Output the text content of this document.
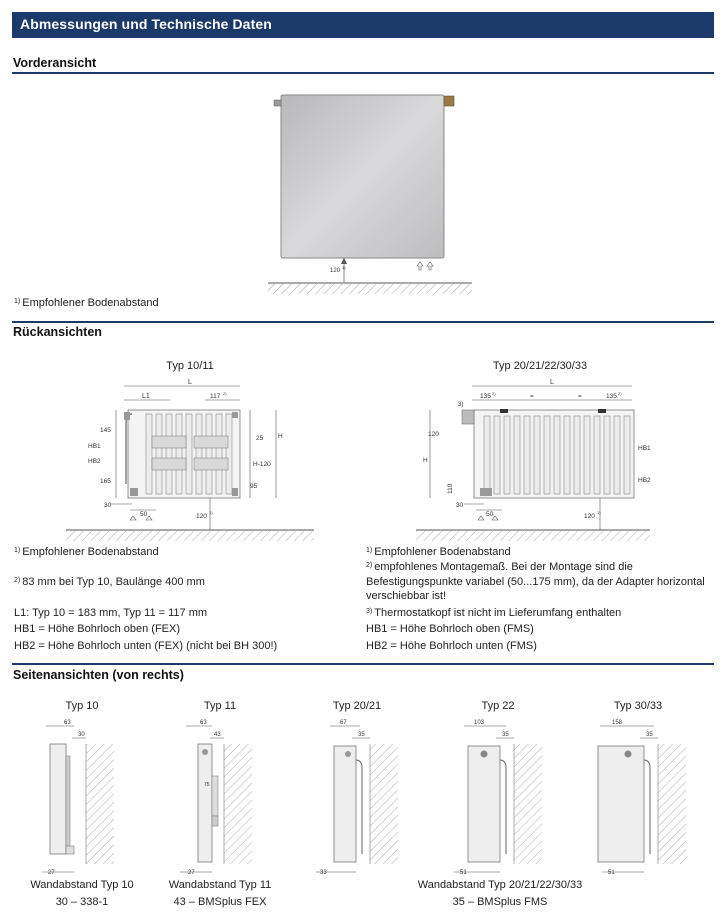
Abmessungen und Technische Daten
Vorderansicht
120
1)
$^{1)}$ Empfohlener Bodenabstand
Rückansichten
Typ 10/11	Typ 20/21/22/30/33
L
L1	117 2)
145
HB1
HB2
165
30
25 H
H-120
95
50	120
1)
L
135 2)	=	=	135 2)
3)
120
H
110
HB1
HB2
30
50	120
1)
$^{1)}$ Empfohlener Bodenabstand
$^{2)}$ 83 mm bei Typ 10, Baulänge 400 mm
L1: Typ 10 = 183 mm, Typ 11 = 117 mm
HB1 = Höhe Bohrloch oben (FEX)
HB2 = Höhe Bohrloch unten (FEX) (nicht bei BH 300!)
$^{1)}$ Empfohlener Bodenabstand
$^{2)}$ empfohlenes Montagemaß. Bei der Montage sind die
Befestigungspunkte variabel (50...175 mm), da der Adapter horizontal
verschiebbar ist!
$^{3)}$ Thermostatkopf ist nicht im Lieferumfang enthalten
HB1 = Höhe Bohrloch oben (FMS)
HB2 = Höhe Bohrloch unten (FMS)
Seitenansichten (von rechts)
Typ 10	Typ 11	Typ 20/21	Typ 22	Typ 30/33
63
30
27
63
43
75
27
67
35
33
103
35
51
158
35
51
Wandabstand Typ 10
30 – 338-1
Wandabstand Typ 11
43 – BMSplus FEX
Wandabstand Typ 20/21/22/30/33
35 – BMSplus FMS
